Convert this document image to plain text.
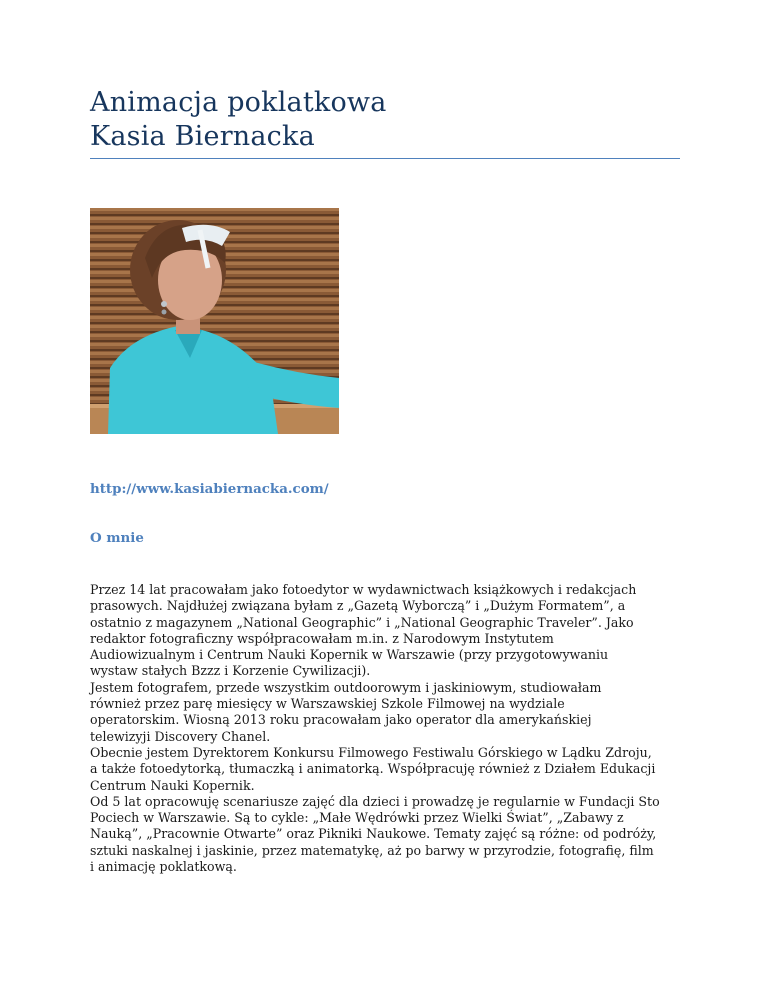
Animacja poklatkowa
Kasia Biernacka
http://www.kasiabiernacka.com/
O mnie
Przez 14 lat pracowałam jako fotoedytor w wydawnictwach książkowych i redakcjach
prasowych. Najdłużej związana byłam z „Gazetą Wyborczą” i „Dużym Formatem”, a
ostatnio z magazynem „National Geographic” i „National Geographic Traveler”. Jako
redaktor fotograficzny współpracowałam m.in. z Narodowym Instytutem
Audiowizualnym i Centrum Nauki Kopernik w Warszawie (przy przygotowywaniu
wystaw stałych Bzzz i Korzenie Cywilizacji).
Jestem fotografem, przede wszystkim outdoorowym i jaskiniowym, studiowałam
również przez parę miesięcy w Warszawskiej Szkole Filmowej na wydziale
operatorskim. Wiosną 2013 roku pracowałam jako operator dla amerykańskiej
telewizyji Discovery Chanel.
Obecnie jestem Dyrektorem Konkursu Filmowego Festiwalu Górskiego w Lądku Zdroju,
a także fotoedytorką, tłumaczką i animatorką. Współpracuję również z Działem Edukacji
Centrum Nauki Kopernik.
Od 5 lat opracowuję scenariusze zajęć dla dzieci i prowadzę je regularnie w Fundacji Sto
Pociech w Warszawie. Są to cykle: „Małe Wędrówki przez Wielki Świat”, „Zabawy z
Nauką”, „Pracownie Otwarte” oraz Pikniki Naukowe. Tematy zajęć są różne: od podróży,
sztuki naskalnej i jaskinie, przez matematykę, aż po barwy w przyrodzie, fotografię, film
i animację poklatkową.
